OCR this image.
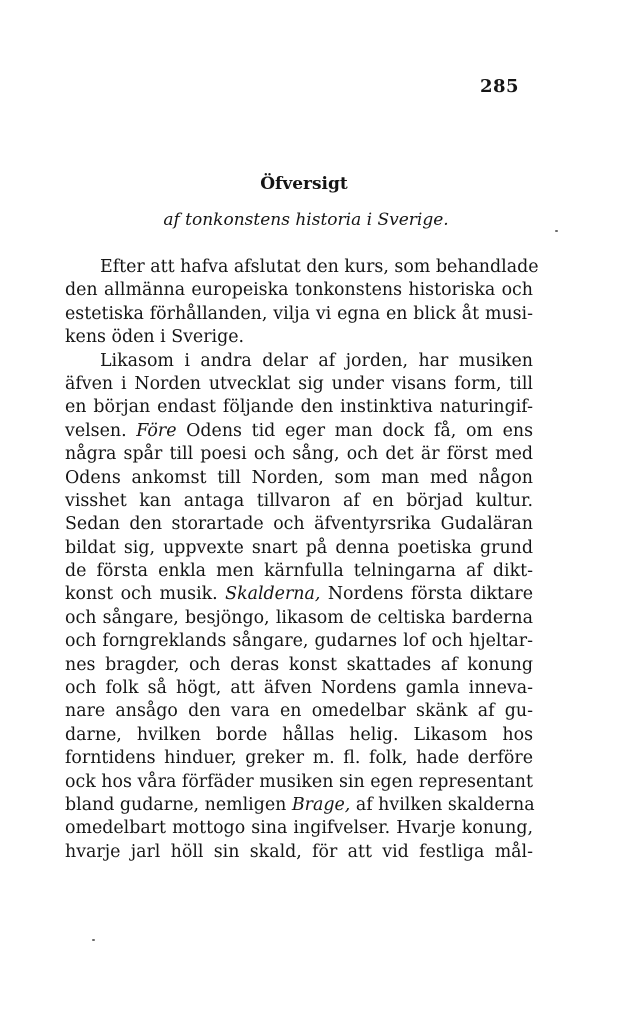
285
Öfversigt
af tonkonstens historia i Sverige.
Efter att hafva afslutat den kurs, som behandlade
den allmänna europeiska tonkonstens historiska och
estetiska förhållanden, vilja vi egna en blick åt musi-
kens öden i Sverige.
Likasom i andra delar af jorden, har musiken
äfven i Norden utvecklat sig under visans form, till
en början endast följande den instinktiva naturingif-
velsen. Före Odens tid eger man dock få, om ens
några spår till poesi och sång, och det är först med
Odens ankomst till Norden, som man med någon
visshet kan antaga tillvaron af en börjad kultur.
Sedan den storartade och äfventyrsrika Gudaläran
bildat sig, uppvexte snart på denna poetiska grund
de första enkla men kärnfulla telningarna af dikt-
konst och musik. Skalderna, Nordens första diktare
och sångare, besjöngo, likasom de celtiska barderna
och forngreklands sångare, gudarnes lof och hjeltar-
nes bragder, och deras konst skattades af konung
och folk så högt, att äfven Nordens gamla inneva-
nare ansågo den vara en omedelbar skänk af gu-
darne, hvilken borde hållas helig. Likasom hos
forntidens hinduer, greker m. fl. folk, hade derföre
ock hos våra förfäder musiken sin egen representant
bland gudarne, nemligen Brage, af hvilken skalderna
omedelbart mottogo sina ingifvelser. Hvarje konung,
hvarje jarl höll sin skald, för att vid festliga mål-
